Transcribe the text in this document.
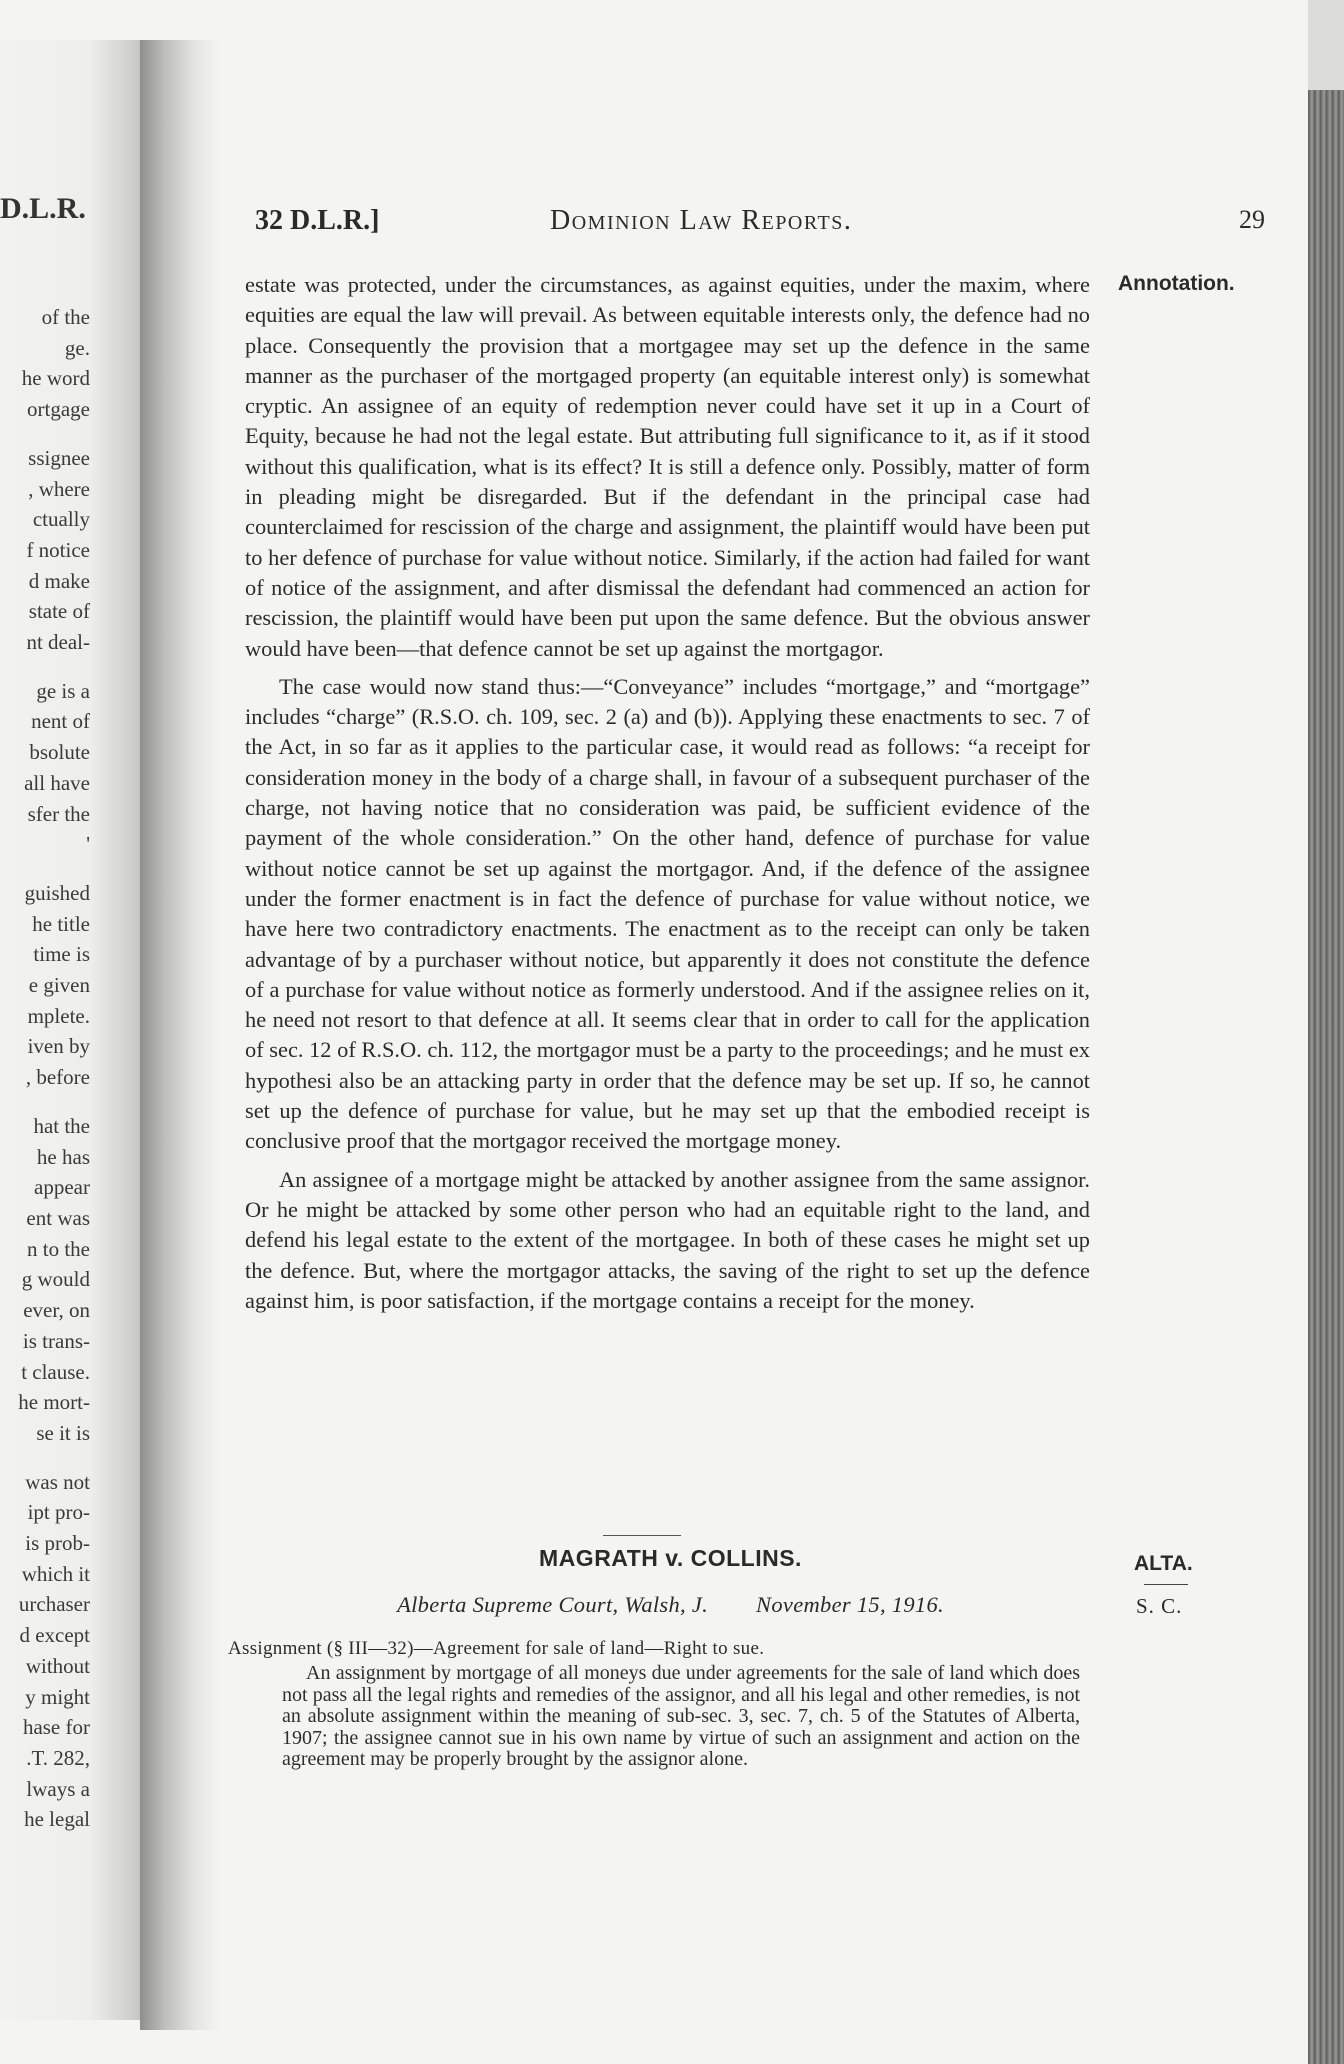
D.L.R.
of the
ge.
he word
ortgage
ssignee
, where
ctually
f notice
d make
state of
nt deal-
ge is a
nent of
bsolute
all have
sfer the
'
guished
he title
time is
e given
mplete.
iven by
, before
hat the
he has
appear
ent was
n to the
g would
ever, on
is trans-
t clause.
he mort-
se it is
was not
ipt pro-
is prob-
which it
urchaser
d except
without
y might
hase for
.T. 282,
lways a
he legal
32 D.L.R.]	Dominion Law Reports.	29
Annotation.

estate was protected, under the circumstances, as against equities, under the maxim, where equities are equal the law will prevail. As between equitable interests only, the defence had no place. Consequently the provision that a mortgagee may set up the defence in the same manner as the purchaser of the mortgaged property (an equitable interest only) is somewhat cryptic. An assignee of an equity of redemption never could have set it up in a Court of Equity, because he had not the legal estate. But attributing full significance to it, as if it stood without this qualification, what is its effect? It is still a defence only. Possibly, matter of form in pleading might be disregarded. But if the defendant in the principal case had counterclaimed for rescission of the charge and assignment, the plaintiff would have been put to her defence of purchase for value without notice. Similarly, if the action had failed for want of notice of the assignment, and after dismissal the defendant had commenced an action for rescission, the plaintiff would have been put upon the same defence. But the obvious answer would have been—that defence cannot be set up against the mortgagor.

The case would now stand thus:—“Conveyance” includes “mortgage,” and “mortgage” includes “charge” (R.S.O. ch. 109, sec. 2 (a) and (b)). Applying these enactments to sec. 7 of the Act, in so far as it applies to the particular case, it would read as follows: “a receipt for consideration money in the body of a charge shall, in favour of a subsequent purchaser of the charge, not having notice that no consideration was paid, be sufficient evidence of the payment of the whole consideration.” On the other hand, defence of purchase for value without notice cannot be set up against the mortgagor. And, if the defence of the assignee under the former enactment is in fact the defence of purchase for value without notice, we have here two contradictory enactments. The enactment as to the receipt can only be taken advantage of by a purchaser without notice, but apparently it does not constitute the defence of a purchase for value without notice as formerly understood. And if the assignee relies on it, he need not resort to that defence at all. It seems clear that in order to call for the application of sec. 12 of R.S.O. ch. 112, the mortgagor must be a party to the proceedings; and he must ex hypothesi also be an attacking party in order that the defence may be set up. If so, he cannot set up the defence of purchase for value, but he may set up that the embodied receipt is conclusive proof that the mortgagor received the mortgage money.

An assignee of a mortgage might be attacked by another assignee from the same assignor. Or he might be attacked by some other person who had an equitable right to the land, and defend his legal estate to the extent of the mortgagee. In both of these cases he might set up the defence. But, where the mortgagor attacks, the saving of the right to set up the defence against him, is poor satisfaction, if the mortgage contains a receipt for the money.

MAGRATH v. COLLINS.
Alberta Supreme Court, Walsh, J. November 15, 1916.
ALTA.
S. C.
Assignment (§ III—32)—Agreement for sale of land—Right to sue.
An assignment by mortgage of all moneys due under agreements for the sale of land which does not pass all the legal rights and remedies of the assignor, and all his legal and other remedies, is not an absolute assignment within the meaning of sub-sec. 3, sec. 7, ch. 5 of the Statutes of Alberta, 1907; the assignee cannot sue in his own name by virtue of such an assignment and action on the agreement may be properly brought by the assignor alone.
